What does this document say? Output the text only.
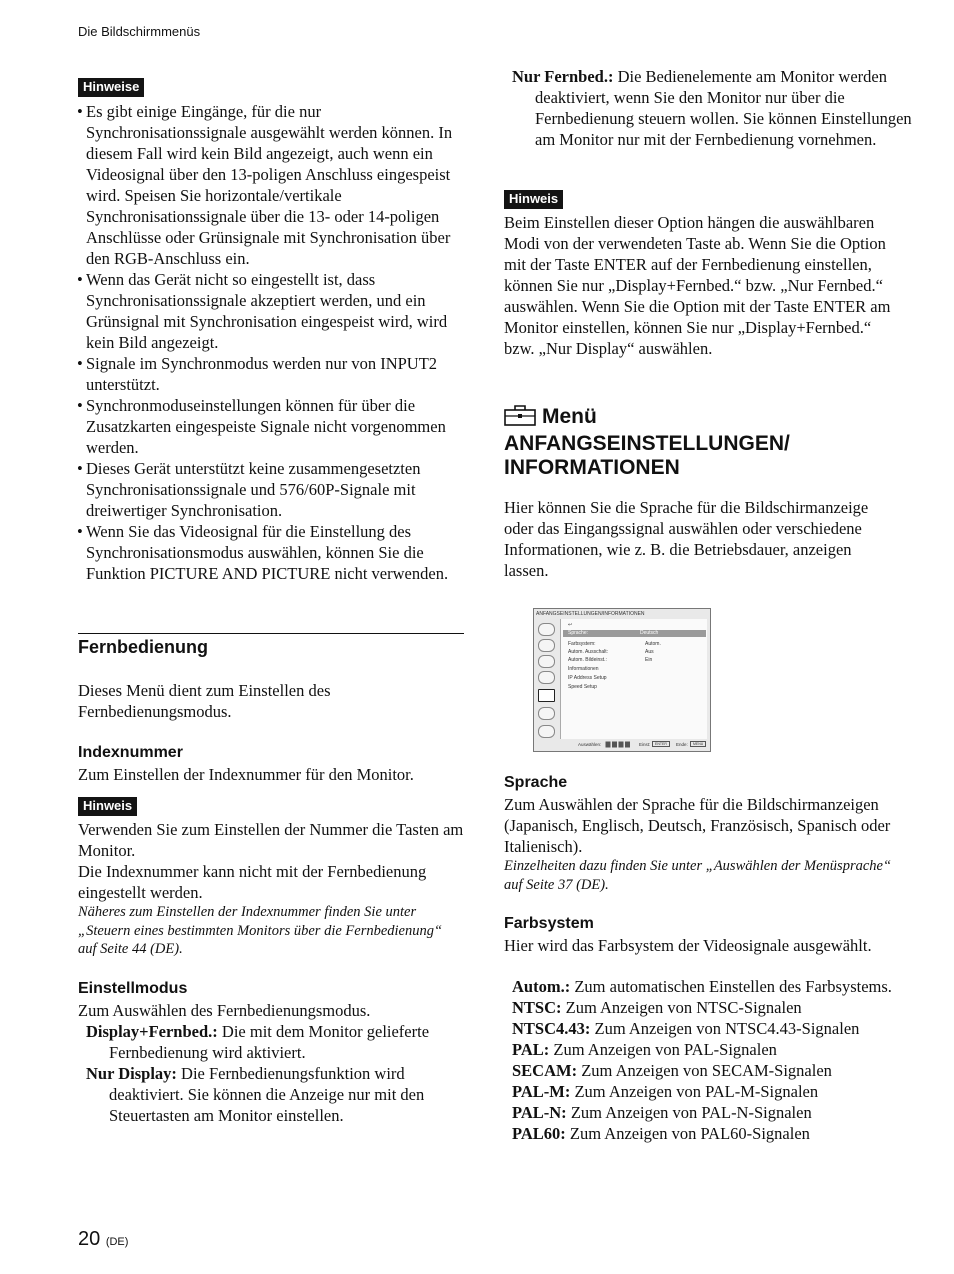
Die Bildschirmmenüs
Hinweise
• Es gibt einige Eingänge, für die nur Synchronisationssignale ausgewählt werden können. In diesem Fall wird kein Bild angezeigt, auch wenn ein Videosignal über den 13-poligen Anschluss eingespeist wird. Speisen Sie horizontale/vertikale Synchronisationssignale über die 13- oder 14-poligen Anschlüsse oder Grünsignale mit Synchronisation über den RGB-Anschluss ein.
• Wenn das Gerät nicht so eingestellt ist, dass Synchronisationssignale akzeptiert werden, und ein Grünsignal mit Synchronisation eingespeist wird, wird kein Bild angezeigt.
• Signale im Synchronmodus werden nur von INPUT2 unterstützt.
• Synchronmoduseinstellungen können für über die Zusatzkarten eingespeiste Signale nicht vorgenommen werden.
• Dieses Gerät unterstützt keine zusammengesetzten Synchronisationssignale und 576/60P-Signale mit dreiwertiger Synchronisation.
• Wenn Sie das Videosignal für die Einstellung des Synchronisationsmodus auswählen, können Sie die Funktion PICTURE AND PICTURE nicht verwenden.
Fernbedienung

Dieses Menü dient zum Einstellen des Fernbedienungsmodus.

Indexnummer

Zum Einstellen der Indexnummer für den Monitor.

Hinweis

Verwenden Sie zum Einstellen der Nummer die Tasten am Monitor.

Die Indexnummer kann nicht mit der Fernbedienung eingestellt werden.

Näheres zum Einstellen der Indexnummer finden Sie unter „Steuern eines bestimmten Monitors über die Fernbedienung“ auf Seite 44 (DE).

Einstellmodus

Zum Auswählen des Fernbedienungsmodus.

Display+Fernbed.: Die mit dem Monitor gelieferte Fernbedienung wird aktiviert.

Nur Display: Die Fernbedienungsfunktion wird deaktiviert. Sie können die Anzeige nur mit den Steuertasten am Monitor einstellen.

Nur Fernbed.: Die Bedienelemente am Monitor werden deaktiviert, wenn Sie den Monitor nur über die Fernbedienung steuern wollen. Sie können Einstellungen am Monitor nur mit der Fernbedienung vornehmen.

Hinweis

Beim Einstellen dieser Option hängen die auswählbaren Modi von der verwendeten Taste ab. Wenn Sie die Option mit der Taste ENTER auf der Fernbedienung einstellen, können Sie nur „Display+Fernbed.“ bzw. „Nur Fernbed.“ auswählen. Wenn Sie die Option mit der Taste ENTER am Monitor einstellen, können Sie nur „Display+Fernbed.“ bzw. „Nur Display“ auswählen.

Menü
ANFANGSEINSTELLUNGEN/
INFORMATIONEN

Hier können Sie die Sprache für die Bildschirmanzeige oder das Eingangssignal auswählen oder verschiedene Informationen, wie z. B. die Betriebsdauer, anzeigen lassen.

Sprache

Zum Auswählen der Sprache für die Bildschirmanzeigen (Japanisch, Englisch, Deutsch, Französisch, Spanisch oder Italienisch).

Einzelheiten dazu finden Sie unter „Auswählen der Menüsprache“ auf Seite 37 (DE).

Farbsystem

Hier wird das Farbsystem der Videosignale ausgewählt.

Autom.: Zum automatischen Einstellen des Farbsystems.

NTSC: Zum Anzeigen von NTSC-Signalen

NTSC4.43: Zum Anzeigen von NTSC4.43-Signalen

PAL: Zum Anzeigen von PAL-Signalen

SECAM: Zum Anzeigen von SECAM-Signalen

PAL-M: Zum Anzeigen von PAL-M-Signalen

PAL-N: Zum Anzeigen von PAL-N-Signalen

PAL60: Zum Anzeigen von PAL60-Signalen

ANFANGSEINSTELLUNGEN/INFORMATIONEN
↩
Sprache:	Deutsch
Farbsystem:	Autom.
Autom. Ausschalt:	Aus
Autom. Bildeinst.:	Ein
Informationen
IP Address Setup
Speed Setup
Auswählen:	Einst:	ENTER	Ende:	MENU
20 (DE)
